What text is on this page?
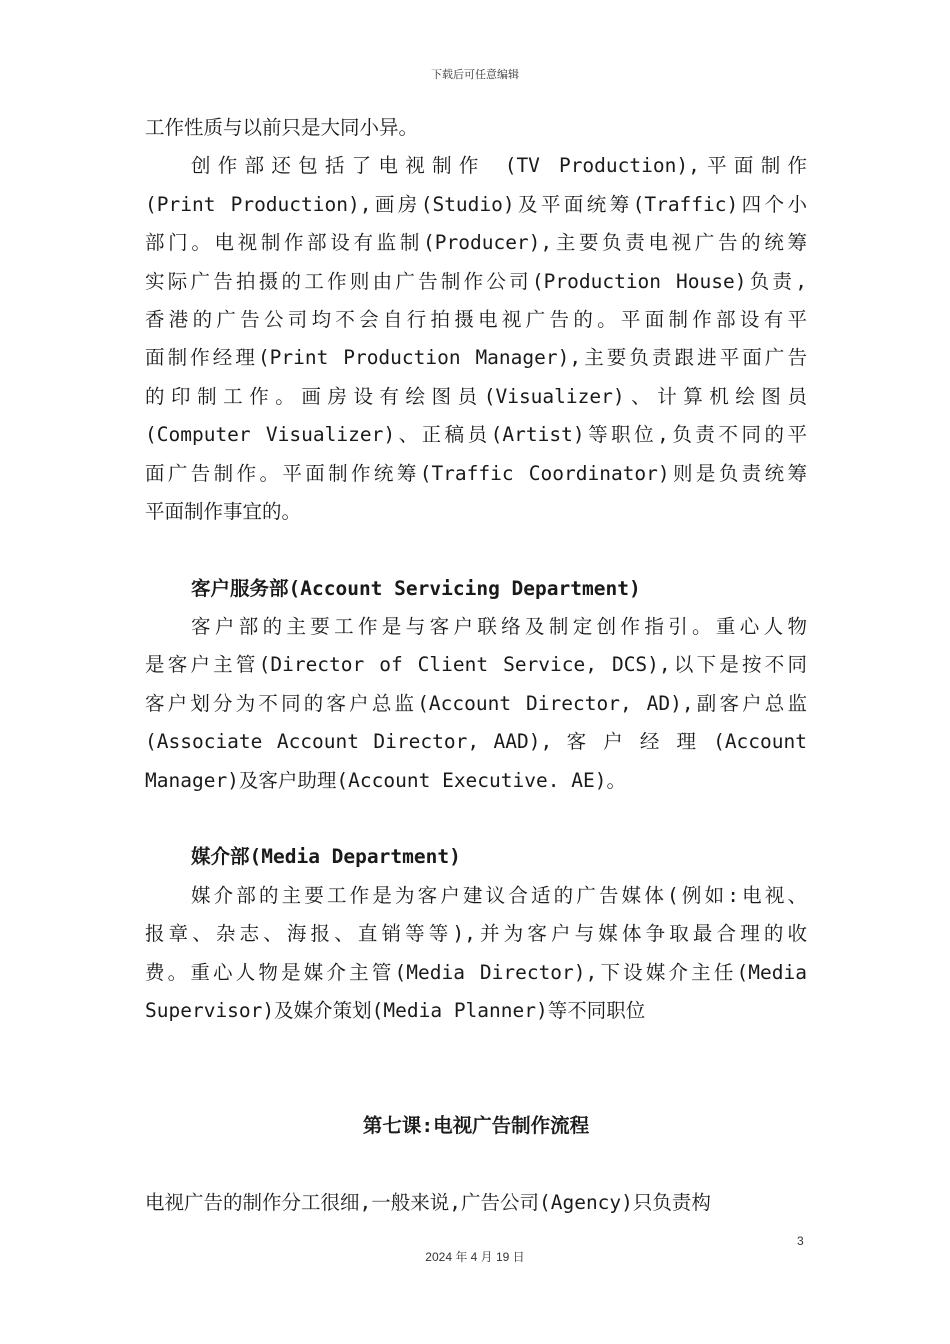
下载后可任意编辑
工作性质与以前只是大同小异。
创作部还包括了电视制作 (TV Production),平面制作
(Print Production),画房(Studio)及平面统筹(Traffic)四个小
部门。电视制作部设有监制(Producer),主要负责电视广告的统筹
实际广告拍摄的工作则由广告制作公司(Production House)负责,
香港的广告公司均不会自行拍摄电视广告的。平面制作部设有平
面制作经理(Print Production Manager),主要负责跟进平面广告
的印制工作。画房设有绘图员(Visualizer)、计算机绘图员
(Computer Visualizer)、正稿员(Artist)等职位,负责不同的平
面广告制作。平面制作统筹(Traffic Coordinator)则是负责统筹
平面制作事宜的。
客户服务部(Account Servicing Department)
客户部的主要工作是与客户联络及制定创作指引。重心人物
是客户主管(Director of Client Service, DCS),以下是按不同
客户划分为不同的客户总监(Account Director, AD),副客户总监
(Associate Account Director, AAD), 客 户 经 理 (Account
Manager)及客户助理(Account Executive. AE)。
媒介部(Media Department)
媒介部的主要工作是为客户建议合适的广告媒体(例如:电视、
报章、杂志、海报、直销等等),并为客户与媒体争取最合理的收
费。重心人物是媒介主管(Media Director),下设媒介主任(Media
Supervisor)及媒介策划(Media Planner)等不同职位
第七课:电视广告制作流程
电视广告的制作分工很细,一般来说,广告公司(Agency)只负责构
3
2024 年 4 月 19 日
